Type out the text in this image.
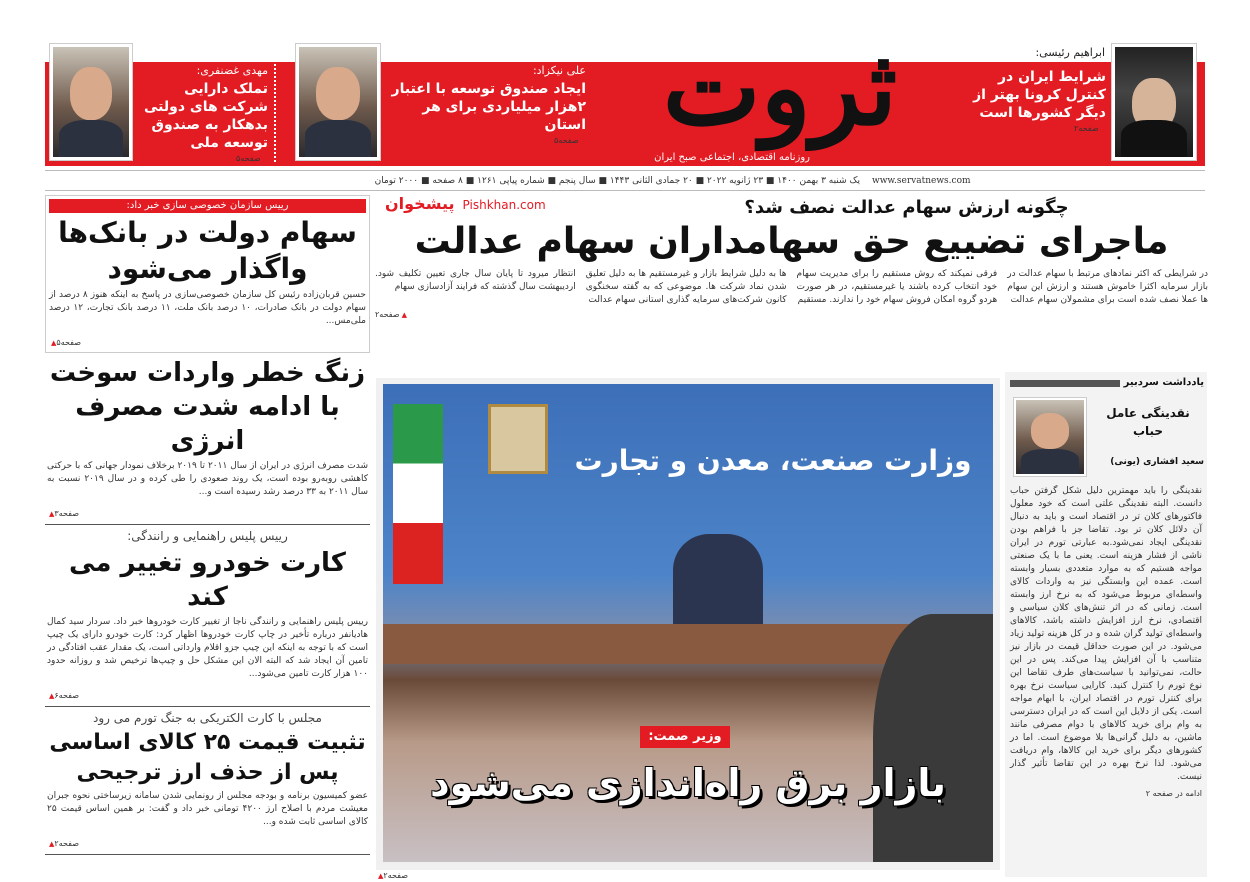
مهدی غضنفری:
تملک دارایی شرکت های دولتی بدهکار به صندوق توسعه ملی
▲ صفحه۵
علی نیکزاد:
ایجاد صندوق توسعه با اعتبار ۲هزار میلیاردی برای هر استان
▲ صفحه۵ ثروت
روزنامه اقتصادی، اجتماعی صبح ایران
ابراهیم رئیسی:
شرایط ایران در کنترل کرونا بهتر از دیگر کشورها است
▲ صفحه۲
یک شنبه ۳ بهمن ۱۴۰۰ ■ ۲۳ ژانویه ۲۰۲۲ ■ ۲۰ جمادی الثانی ۱۴۴۳ ■ سال پنجم ■ شماره پیاپی ۱۲۶۱ ■ ۸ صفحه ■ ۲۰۰۰ تومان www.servatnews.com
پیشخوان Pishkhan.com	چگونه ارزش سهام عدالت نصف شد؟
ماجرای تضییع حق سهامداران سهام عدالت
در شرایطی که اکثر نمادهای مرتبط با سهام عدالت در بازار سرمایه اکثرا خاموش هستند و ارزش این سهام ها عملا نصف شده است برای مشمولان سهام عدالت
فرقی نمیکند که روش مستقیم را برای مدیریت سهام خود انتخاب کرده باشند یا غیرمستقیم، در هر صورت هردو گروه امکان فروش سهام خود را ندارند. مستقیم
ها به دلیل شرایط بازار و غیرمستقیم ها به دلیل تعلیق شدن نماد شرکت ها. موضوعی که به گفته سخنگوی کانون شرکت‌های سرمایه گذاری استانی سهام عدالت
انتظار میرود تا پایان سال جاری تعیین تکلیف شود. اردیبهشت سال گذشته که فرایند آزادسازی سهام
▲ صفحه۲
وزارت صنعت، معدن و تجارت
وزیر صمت:
بازار برق راه‌اندازی می‌شود
▲ صفحه۲
رییس سازمان خصوصی سازی خبر داد:
سهام دولت در بانک‌ها واگذار می‌شود
حسین قربان‌زاده رئیس کل سازمان خصوصی‌سازی در پاسخ به اینکه هنوز ۸ درصد از سهام دولت در بانک صادرات، ۱۰ درصد بانک ملت، ۱۱ درصد بانک تجارت، ۱۲ درصد ملی‌مس...
▲ صفحه۵
زنگ خطر واردات سوخت با ادامه شدت مصرف انرژی
شدت مصرف انرژی در ایران از سال ۲۰۱۱ تا ۲۰۱۹ برخلاف نمودار جهانی که با حرکتی کاهشی روبه‌رو بوده است، یک روند صعودی را طی کرده و در سال ۲۰۱۹ نسبت به سال ۲۰۱۱ به ۳۳ درصد رشد رسیده است و...
▲ صفحه۳
رییس پلیس راهنمایی و رانندگی:
کارت خودرو تغییر می کند
رییس پلیس راهنمایی و رانندگی ناجا از تغییر کارت خودروها خبر داد. سردار سید کمال هادیانفر درباره تأخیر در چاپ کارت خودروها اظهار کرد: کارت خودرو دارای یک چیپ است که با توجه به اینکه این چیپ جزو اقلام وارداتی است، یک مقدار عقب افتادگی در تامین آن ایجاد شد که البته الان این مشکل حل و چیپ‌ها ترخیص شد و روزانه حدود ۱۰۰ هزار کارت تامین می‌شود...
▲ صفحه۶
مجلس با کارت الکتریکی به جنگ تورم می رود
تثبیت قیمت ۲۵ کالای اساسی پس از حذف ارز ترجیحی
عضو کمیسیون برنامه و بودجه مجلس از رونمایی شدن سامانه زیرساختی نحوه جبران معیشت مردم با اصلاح ارز ۴۲۰۰ تومانی خبر داد و گفت: بر همین اساس قیمت ۲۵ کالای اساسی ثابت شده و...
▲ صفحه۲
یادداشت سردبیر
نقدینگی عامل حباب
سعید افشاری (یونی)
نقدینگی را باید مهمترین دلیل شکل گرفتن حباب دانست. البته نقدینگی علتی است که خود معلول فاکتورهای کلان تر در اقتصاد است و باید به دنبال آن دلائل کلان تر بود. تقاضا جز با فراهم بودن نقدینگی ایجاد نمی‌شود.به عبارتی تورم در ایران ناشی از فشار هزینه است. یعنی ما با یک صنعتی مواجه هستیم که به موارد متعددی بسیار وابسته است. عمده این وابستگی نیز به واردات کالای واسطه‌ای مربوط می‌شود که به نرخ ارز وابسته است. زمانی که در اثر تنش‌های کلان سیاسی و اقتصادی، نرخ ارز افزایش داشته باشد، کالاهای واسطه‌ای تولید گران شده و در کل هزینه تولید زیاد می‌شود. در این صورت حداقل قیمت در بازار نیز متناسب با آن افزایش پیدا می‌کند. پس در این حالت، نمی‌توانید با سیاست‌های طرف تقاضا این نوع تورم را کنترل کنید. کارایی سیاست نرخ بهره برای کنترل تورم در اقتصاد ایران، با ابهام مواجه است. یکی از دلایل این است که در ایران دسترسی به وام برای خرید کالاهای با دوام مصرفی مانند ماشین، به دلیل گرانی‌ها بلا موضوع است. اما در کشورهای دیگر برای خرید این کالاها، وام دریافت می‌شود. لذا نرخ بهره در این تقاضا تأثیر گذار نیست.
ادامه در صفحه ۲
